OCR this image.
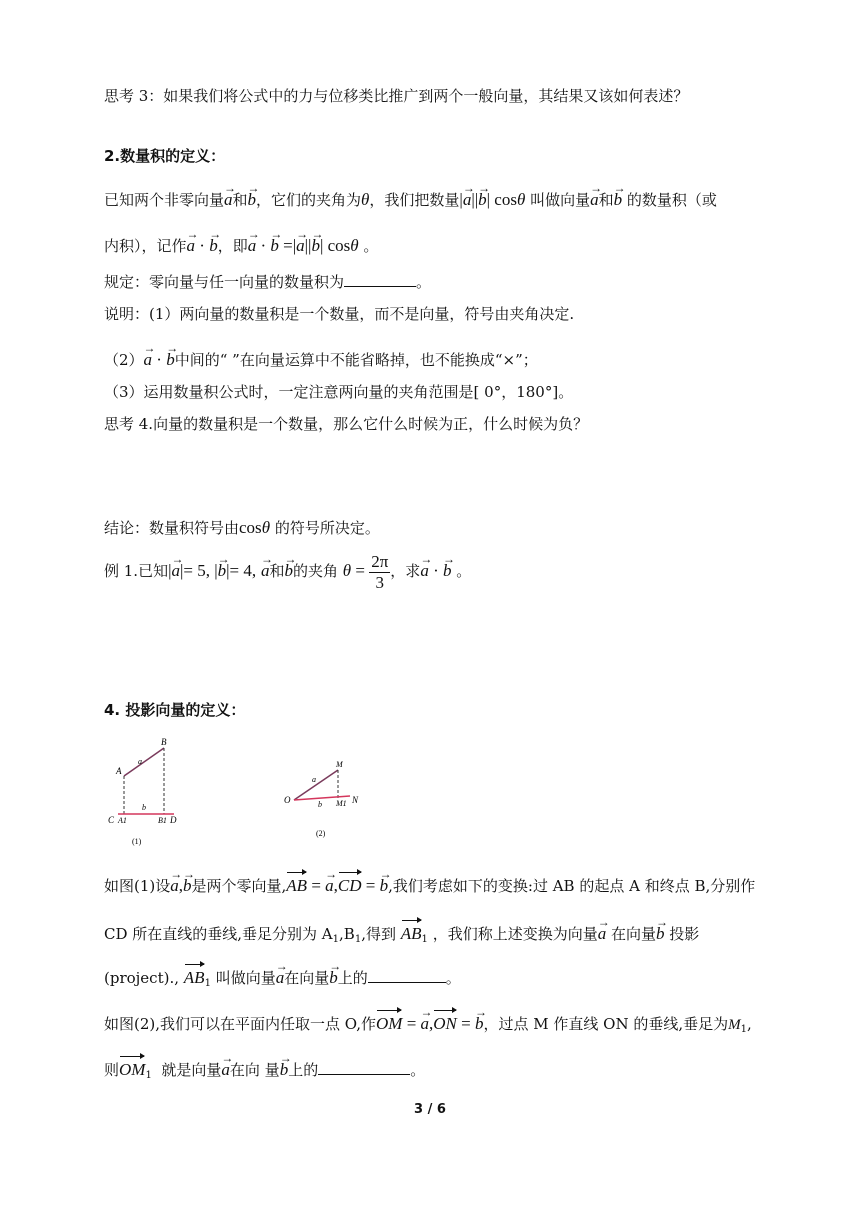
思考 3：如果我们将公式中的力与位移类比推广到两个一般向量，其结果又该如何表述？
2.数量积的定义：
已知两个非零向量→ a和→ b，它们的夹角为θ，我们把数量|→ a||→ b| cosθ 叫做向量→ a和→ b 的数量积（或
内积），记作→ a · → b，即→ a · → b =|→ a||→ b| cosθ 。
规定：零向量与任一向量的数量积为	。
说明：(1）两向量的数量积是一个数量，而不是向量，符号由夹角决定.
（2）→ a · → b中间的“ ”在向量运算中不能省略掉，也不能换成“×”；
（3）运用数量积公式时，一定注意两向量的夹角范围是[ 0°，180°]。
思考 4.向量的数量积是一个数量，那么它什么时候为正，什么时候为负？
结论：数量积符号由cosθ 的符号所决定。
例 1.已知|→ a|= 5, |→ b|= 4, → a和→ b的夹角 $\theta = \frac{2\pi}{3}$ ，求→ a · → b 。
4. 投影向量的定义：
A
B
a
C A1
b
B1 D
(1)
M
a
O	b M1 N
(2)
如图(1)设→ a,→ b是两个零向量,AB = → a,CD = → b,我们考虑如下的变换:过 AB 的起点 A 和终点 B,分别作
CD 所在直线的垂线,垂足分别为 $A_1,B_1$,得到 $AB_1$ ，我们称上述变换为向量→ a 在向量→ b 投影
(project)., $AB_1$ 叫做向量→ a在向量→ b上的	。
如图(2),我们可以在平面内任取一点 O,作OM = → a,ON = → b，过点 M 作直线 ON 的垂线,垂足为$M_1$,
则$OM_1$ 就是向量→ a在向 量→ b上的	。
3 / 6
